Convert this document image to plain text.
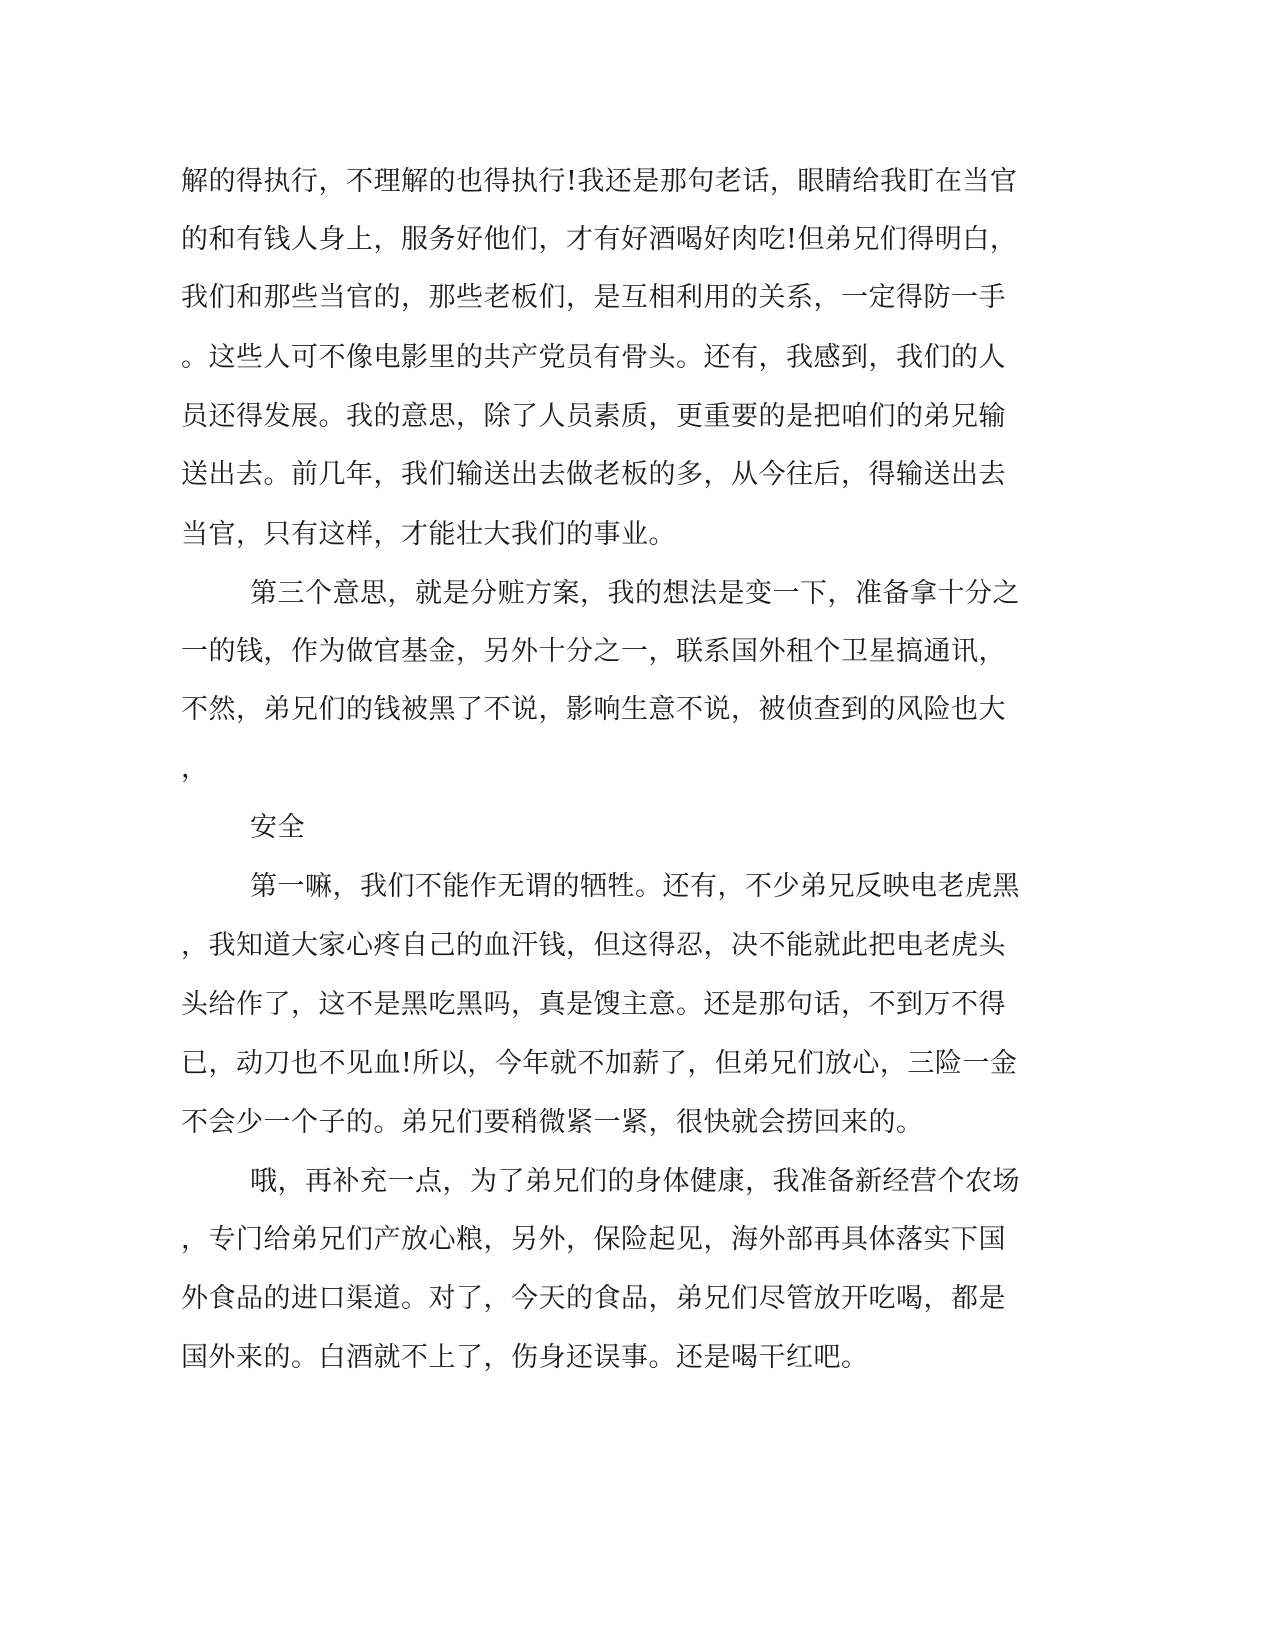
解的得执行，不理解的也得执行!我还是那句老话，眼睛给我盯在当官
的和有钱人身上，服务好他们，才有好酒喝好肉吃!但弟兄们得明白，
我们和那些当官的，那些老板们，是互相利用的关系，一定得防一手
。这些人可不像电影里的共产党员有骨头。还有，我感到，我们的人
员还得发展。我的意思，除了人员素质，更重要的是把咱们的弟兄输
送出去。前几年，我们输送出去做老板的多，从今往后，得输送出去
当官，只有这样，才能壮大我们的事业。
第三个意思，就是分赃方案，我的想法是变一下，准备拿十分之
一的钱，作为做官基金，另外十分之一，联系国外租个卫星搞通讯，
不然，弟兄们的钱被黑了不说，影响生意不说，被侦查到的风险也大
，
安全
第一嘛，我们不能作无谓的牺牲。还有，不少弟兄反映电老虎黑
，我知道大家心疼自己的血汗钱，但这得忍，决不能就此把电老虎头
头给作了，这不是黑吃黑吗，真是馊主意。还是那句话，不到万不得
已，动刀也不见血!所以，今年就不加薪了，但弟兄们放心，三险一金
不会少一个子的。弟兄们要稍微紧一紧，很快就会捞回来的。
哦，再补充一点，为了弟兄们的身体健康，我准备新经营个农场
，专门给弟兄们产放心粮，另外，保险起见，海外部再具体落实下国
外食品的进口渠道。对了，今天的食品，弟兄们尽管放开吃喝，都是
国外来的。白酒就不上了，伤身还误事。还是喝干红吧。
